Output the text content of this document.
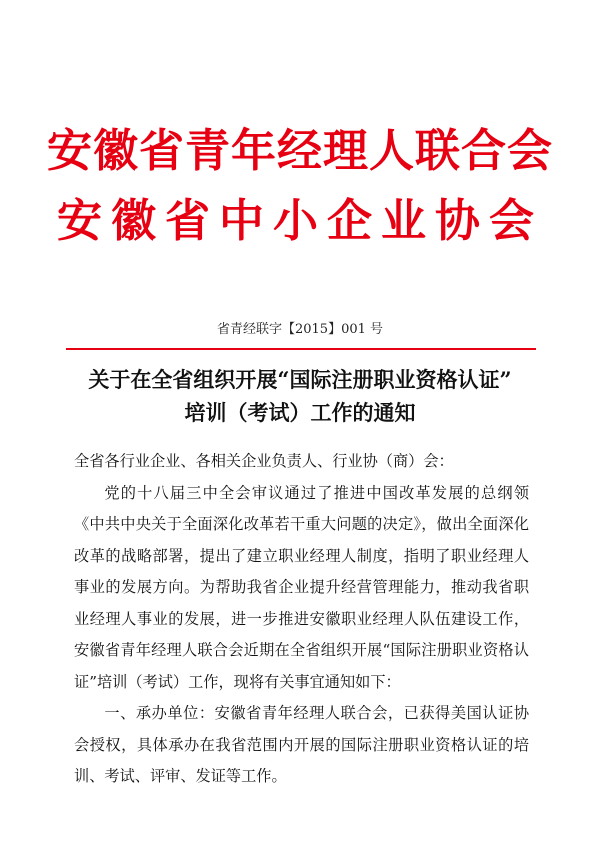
安徽省青年经理人联合会
安徽省中小企业协会
省青经联字【2015】001 号
关于在全省组织开展“国际注册职业资格认证”
培训（考试）工作的通知

全省各行业企业、各相关企业负责人、行业协（商）会：

党的十八届三中全会审议通过了推进中国改革发展的总纲领《中共中央关于全面深化改革若干重大问题的决定》，做出全面深化改革的战略部署，提出了建立职业经理人制度，指明了职业经理人事业的发展方向。为帮助我省企业提升经营管理能力，推动我省职业经理人事业的发展，进一步推进安徽职业经理人队伍建设工作，安徽省青年经理人联合会近期在全省组织开展“国际注册职业资格认证”培训（考试）工作，现将有关事宜通知如下：

一、承办单位：安徽省青年经理人联合会，已获得美国认证协会授权，具体承办在我省范围内开展的国际注册职业资格认证的培训、考试、评审、发证等工作。
